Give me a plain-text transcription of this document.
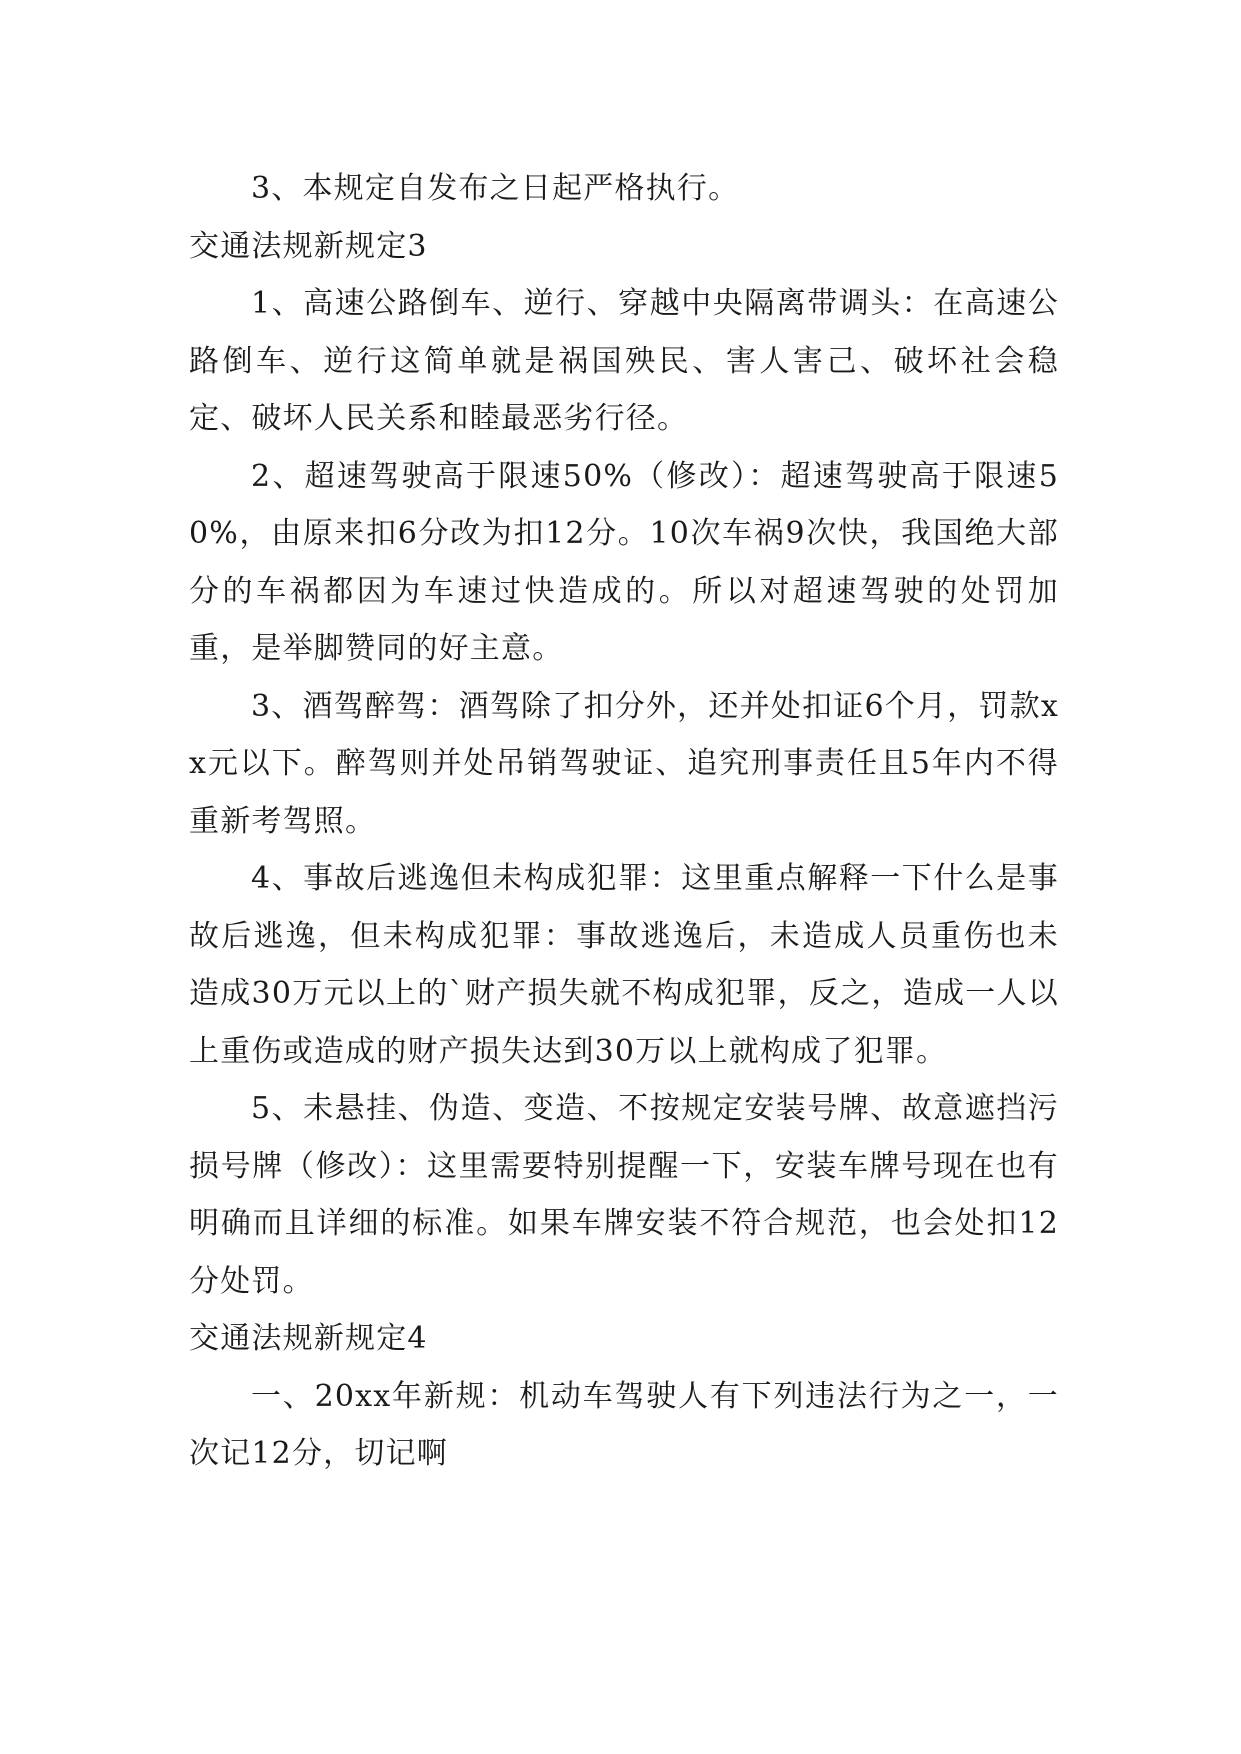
3、本规定自发布之日起严格执行。

交通法规新规定3

1、高速公路倒车、逆行、穿越中央隔离带调头：在高速公路倒车、逆行这简单就是祸国殃民、害人害己、破坏社会稳定、破坏人民关系和睦最恶劣行径。

2、超速驾驶高于限速50%（修改）：超速驾驶高于限速50%，由原来扣6分改为扣12分。10次车祸9次快，我国绝大部分的车祸都因为车速过快造成的。所以对超速驾驶的处罚加重，是举脚赞同的好主意。

3、酒驾醉驾：酒驾除了扣分外，还并处扣证6个月，罚款xx元以下。醉驾则并处吊销驾驶证、追究刑事责任且5年内不得重新考驾照。

4、事故后逃逸但未构成犯罪：这里重点解释一下什么是事故后逃逸，但未构成犯罪：事故逃逸后，未造成人员重伤也未造成30万元以上的`财产损失就不构成犯罪，反之，造成一人以上重伤或造成的财产损失达到30万以上就构成了犯罪。

5、未悬挂、伪造、变造、不按规定安装号牌、故意遮挡污损号牌（修改）：这里需要特别提醒一下，安装车牌号现在也有明确而且详细的标准。如果车牌安装不符合规范，也会处扣12分处罚。

交通法规新规定4

一、20xx年新规：机动车驾驶人有下列违法行为之一，一次记12分，切记啊
